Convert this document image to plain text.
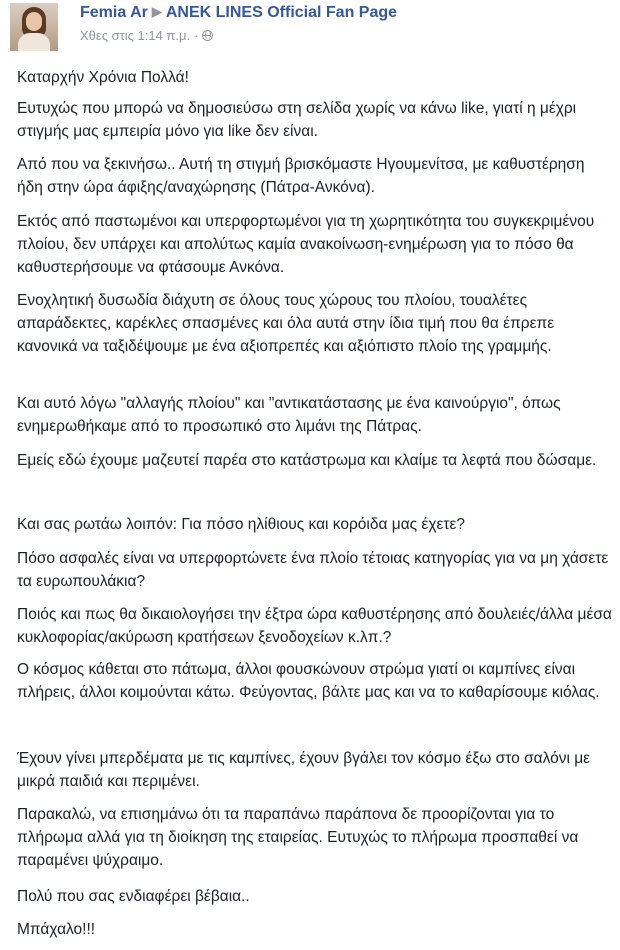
Femia Ar ▶ ANEK LINES Official Fan Page
Χθες στις 1:14 π.μ. ·

Καταρχήν Χρόνια Πολλά!

Ευτυχώς που μπορώ να δημοσιεύσω στη σελίδα χωρίς να κάνω like, γιατί η μέχρι στιγμής μας εμπειρία μόνο για like δεν είναι.

Από που να ξεκινήσω.. Αυτή τη στιγμή βρισκόμαστε Ηγουμενίτσα, με καθυστέρηση ήδη στην ώρα άφιξης/αναχώρησης (Πάτρα-Ανκόνα).

Εκτός από παστωμένοι και υπερφορτωμένοι για τη χωρητικότητα του συγκεκριμένου πλοίου, δεν υπάρχει και απολύτως καμία ανακοίνωση-ενημέρωση για το πόσο θα καθυστερήσουμε να φτάσουμε Ανκόνα.

Ενοχλητική δυσωδία διάχυτη σε όλους τους χώρους του πλοίου, τουαλέτες απαράδεκτες, καρέκλες σπασμένες και όλα αυτά στην ίδια τιμή που θα έπρεπε κανονικά να ταξιδέψουμε με ένα αξιοπρεπές και αξιόπιστο πλοίο της γραμμής.

Και αυτό λόγω "αλλαγής πλοίου" και "αντικατάστασης με ένα καινούργιο", όπως ενημερωθήκαμε από το προσωπικό στο λιμάνι της Πάτρας.

Εμείς εδώ έχουμε μαζευτεί παρέα στο κατάστρωμα και κλαίμε τα λεφτά που δώσαμε.

Και σας ρωτάω λοιπόν: Για πόσο ηλίθιους και κορόιδα μας έχετε?

Πόσο ασφαλές είναι να υπερφορτώνετε ένα πλοίο τέτοιας κατηγορίας για να μη χάσετε τα ευρωπουλάκια?

Ποιός και πως θα δικαιολογήσει την έξτρα ώρα καθυστέρησης από δουλειές/άλλα μέσα κυκλοφορίας/ακύρωση κρατήσεων ξενοδοχείων κ.λπ.?

Ο κόσμος κάθεται στο πάτωμα, άλλοι φουσκώνουν στρώμα γιατί οι καμπίνες είναι πλήρεις, άλλοι κοιμούνται κάτω. Φεύγοντας, βάλτε μας και να το καθαρίσουμε κιόλας.

Έχουν γίνει μπερδέματα με τις καμπίνες, έχουν βγάλει τον κόσμο έξω στο σαλόνι με μικρά παιδιά και περιμένει.

Παρακαλώ, να επισημάνω ότι τα παραπάνω παράπονα δε προορίζονται για το πλήρωμα αλλά για τη διοίκηση της εταιρείας. Ευτυχώς το πλήρωμα προσπαθεί να παραμένει ψύχραιμο.

Πολύ που σας ενδιαφέρει βέβαια..

Μπάχαλο!!!
